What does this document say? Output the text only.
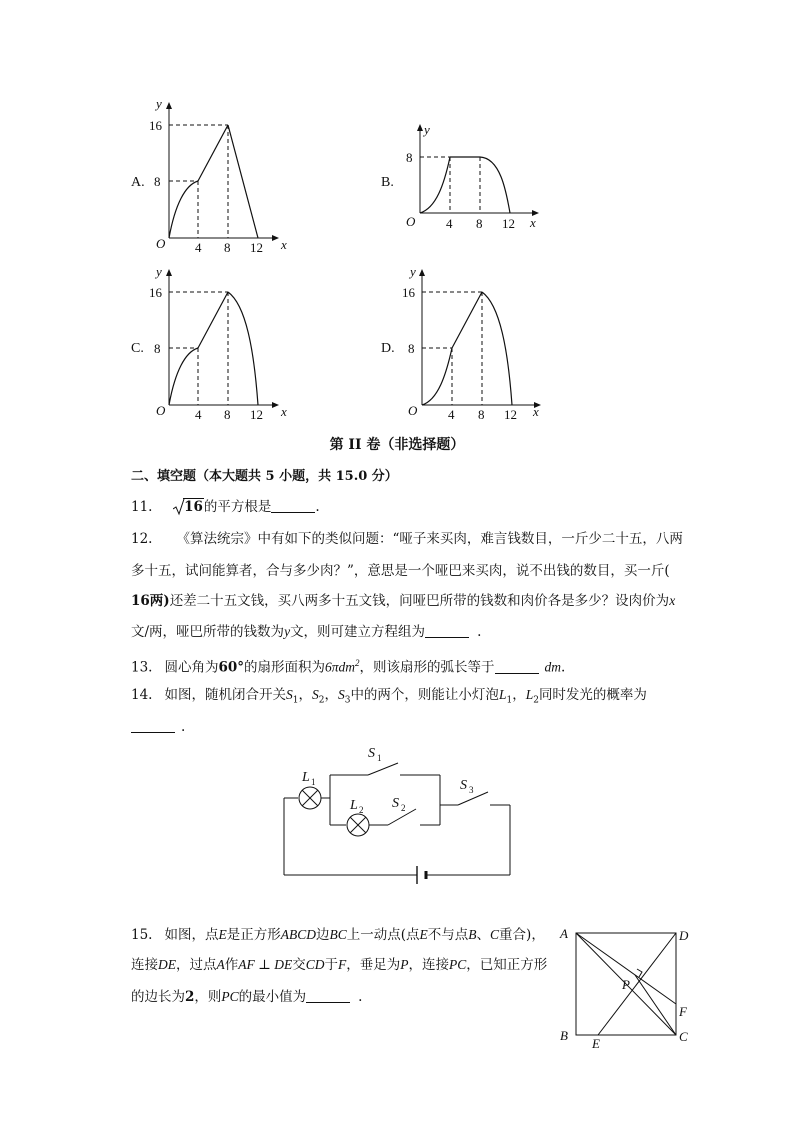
y
x
O
8
16
4 8 12
A.
y
x
O
8
4 8 12
B.
y
x
O
8
16
4 8 12
C.
y
x
O
8
16
4 8 12
D.
第 II 卷（非选择题）
二、填空题（本大题共 5 小题，共 15.0 分）
11. 16的平方根是	.
12. 《算法统宗》中有如下的类似问题：“哑子来买肉，难言钱数目，一斤少二十五，八两
多十五，试问能算者，合与多少肉？”，意思是一个哑巴来买肉，说不出钱的数目，买一斤(
16两)还差二十五文钱，买八两多十五文钱，问哑巴所带的钱数和肉价各是多少？设肉价为x
文/两，哑巴所带的钱数为y文，则可建立方程组为	.
13. 圆心角为60°的扇形面积为6πdm$^2$，则该扇形的弧长等于	dm.
14. 如图，随机闭合开关$S_1$，$S_2$，$S_3$中的两个，则能让小灯泡$L_1$，$L_2$同时发光的概率为
.
S 1
S 2
S 3
L 1
L 2
15. 如图，点E是正方形ABCD边BC上一动点(点E不与点B、C重合)，
连接DE，过点A作AF ⊥ DE交CD于F，垂足为P，连接PC，已知正方形
的边长为2，则PC的最小值为	.
A	D
B	C
E
F
P
